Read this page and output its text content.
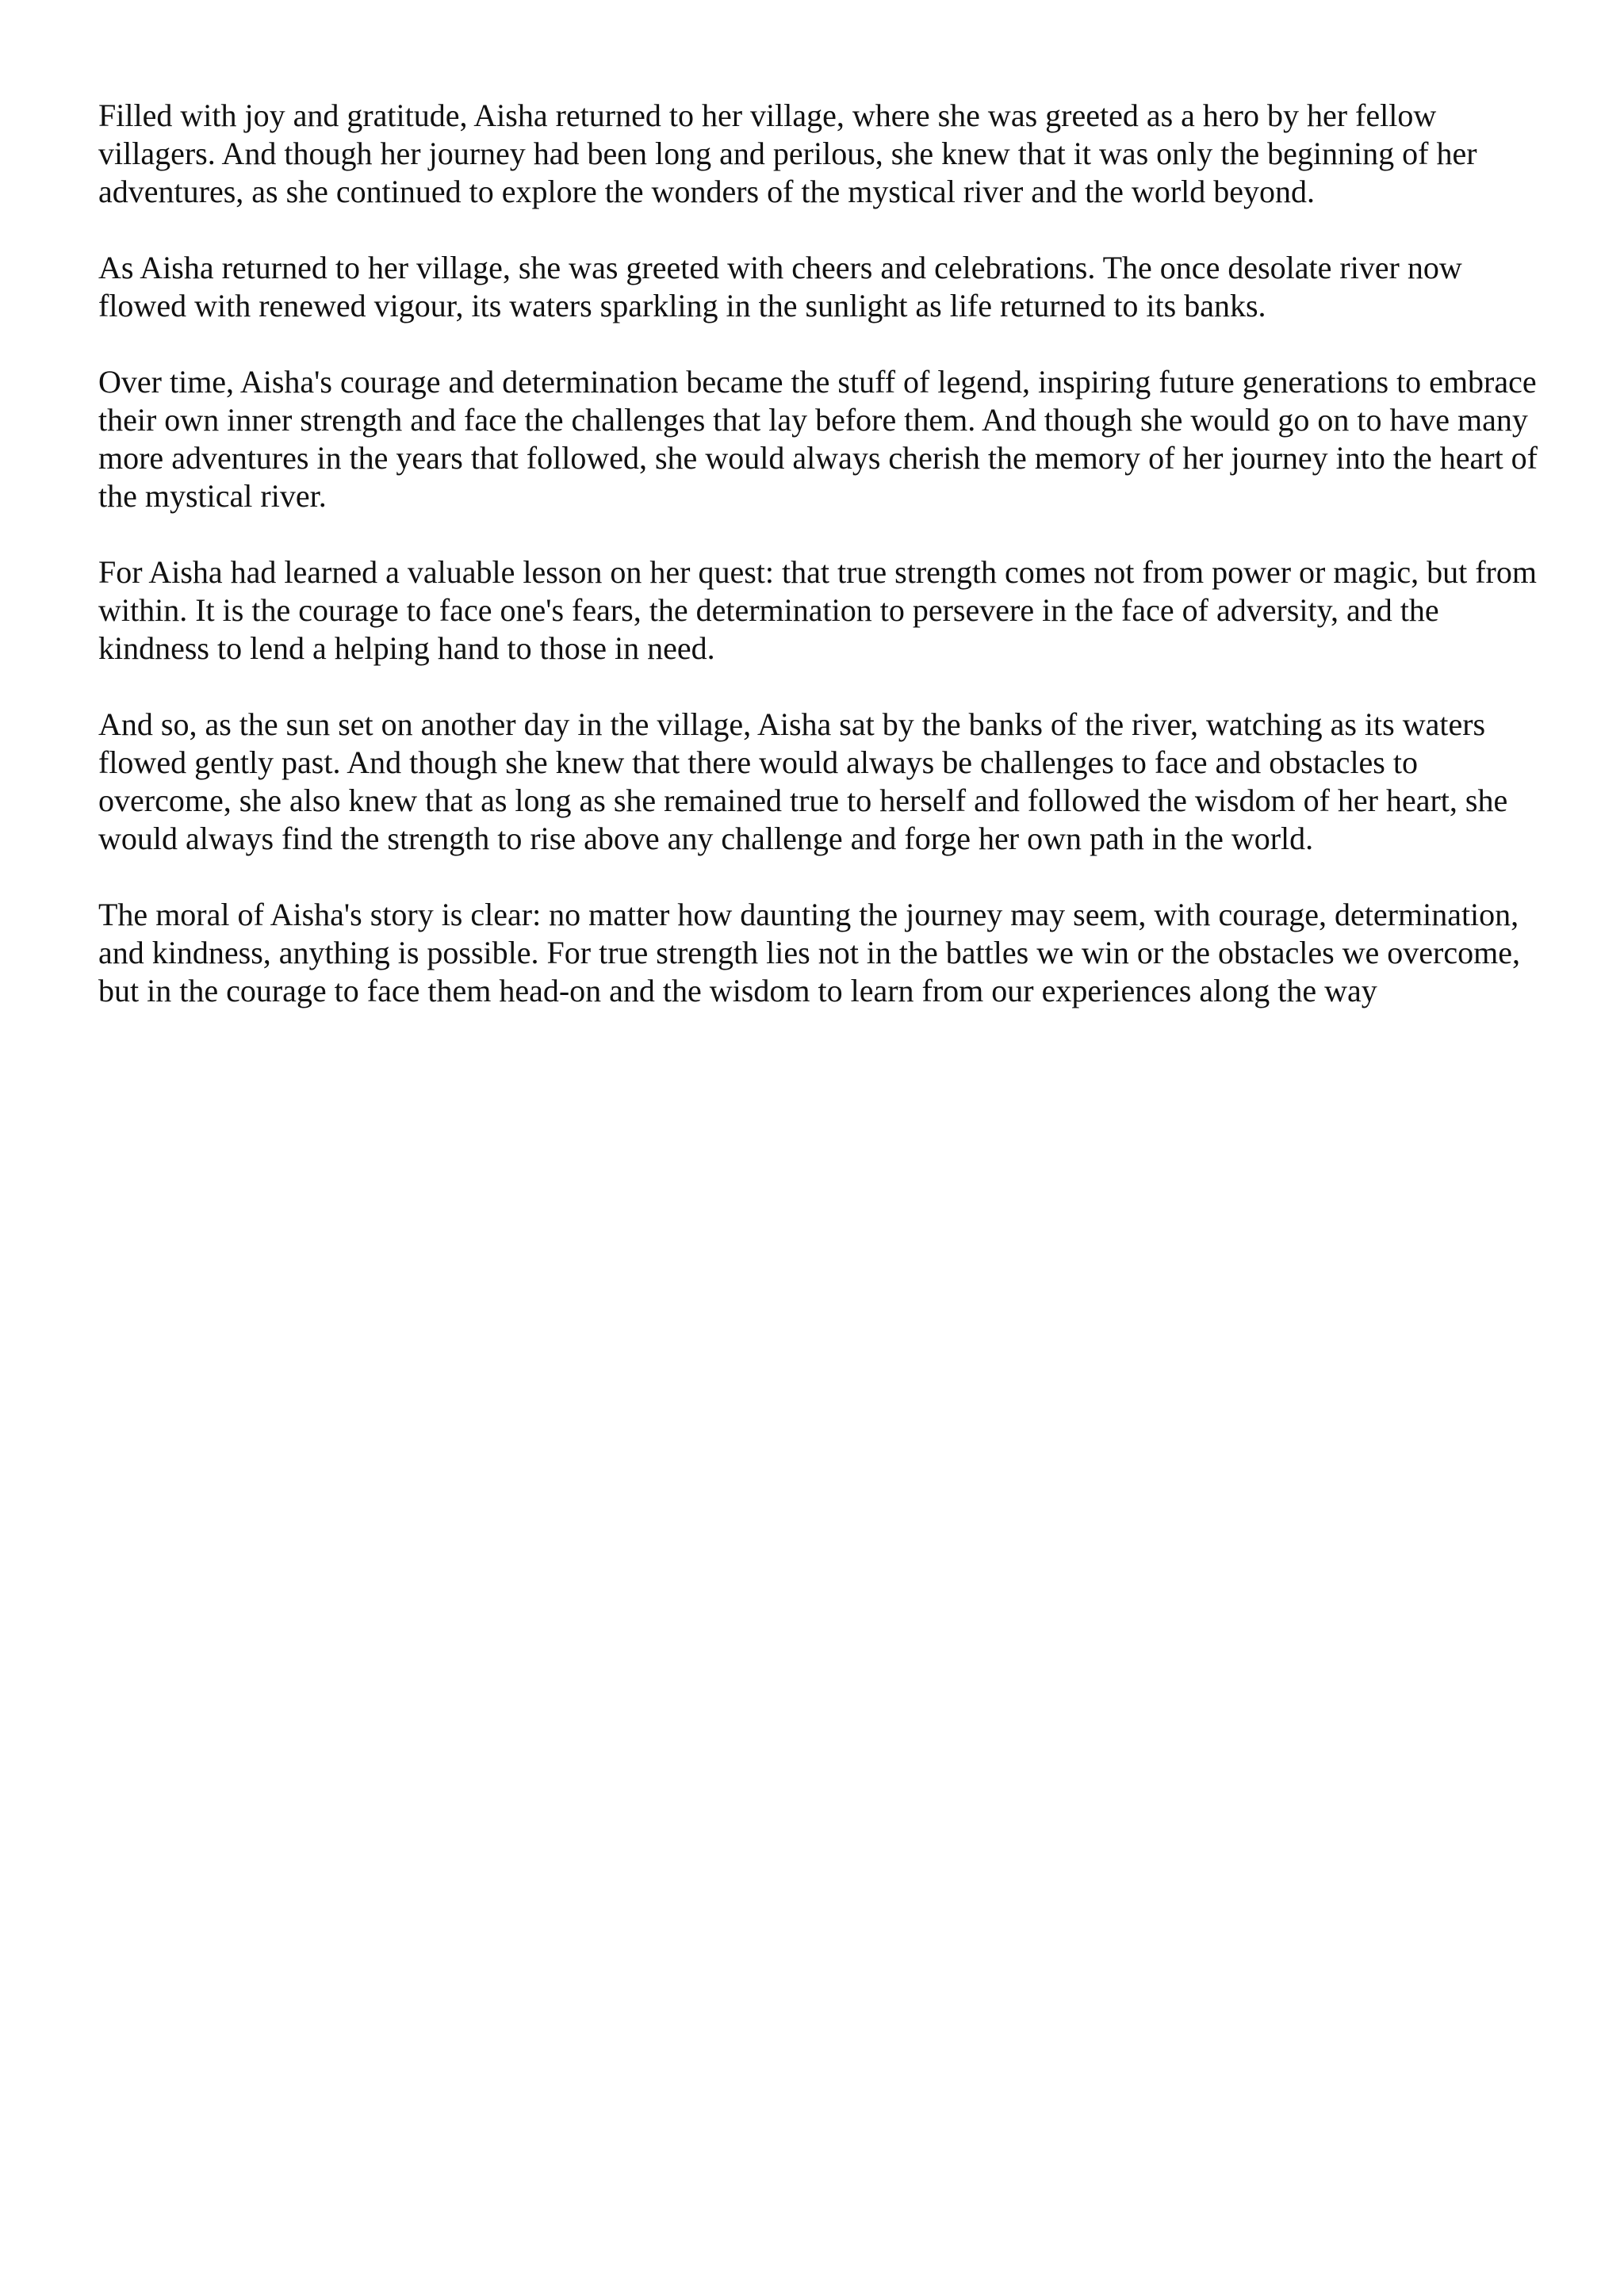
Filled with joy and gratitude, Aisha returned to her village, where she was greeted as a hero by her fellow villagers. And though her journey had been long and perilous, she knew that it was only the beginning of her adventures, as she continued to explore the wonders of the mystical river and the world beyond.

As Aisha returned to her village, she was greeted with cheers and celebrations. The once desolate river now flowed with renewed vigour, its waters sparkling in the sunlight as life returned to its banks.

Over time, Aisha's courage and determination became the stuff of legend, inspiring future generations to embrace their own inner strength and face the challenges that lay before them. And though she would go on to have many more adventures in the years that followed, she would always cherish the memory of her journey into the heart of the mystical river.

For Aisha had learned a valuable lesson on her quest: that true strength comes not from power or magic, but from within. It is the courage to face one's fears, the determination to persevere in the face of adversity, and the kindness to lend a helping hand to those in need.

And so, as the sun set on another day in the village, Aisha sat by the banks of the river, watching as its waters flowed gently past. And though she knew that there would always be challenges to face and obstacles to overcome, she also knew that as long as she remained true to herself and followed the wisdom of her heart, she would always find the strength to rise above any challenge and forge her own path in the world.

The moral of Aisha's story is clear: no matter how daunting the journey may seem, with courage, determination, and kindness, anything is possible. For true strength lies not in the battles we win or the obstacles we overcome, but in the courage to face them head-on and the wisdom to learn from our experiences along the way
